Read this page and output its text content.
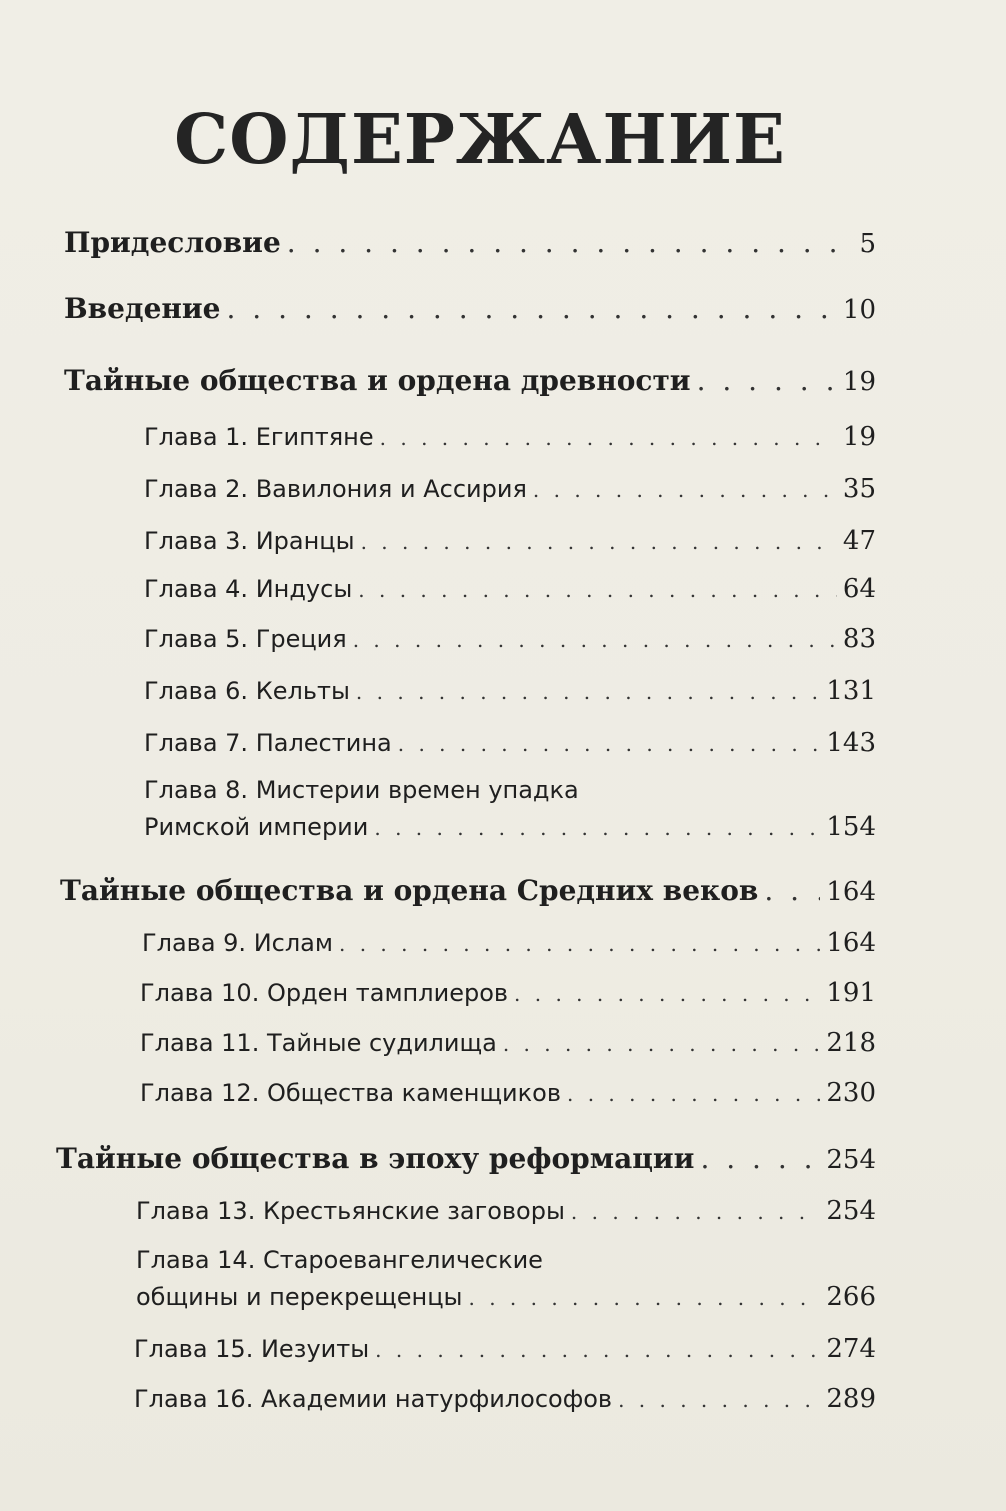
СОДЕРЖАНИЕ
Придесловие . . .	5
Введение . . .	10
Тайные общества и ордена древности . . .	19
Глава 1. Египтяне . . .	19
Глава 2. Вавилония и Ассирия . . .	35
Глава 3. Иранцы . . .	47
Глава 4. Индусы . . .	64
Глава 5. Греция . . .	83
Глава 6. Кельты . . .	131
Глава 7. Палестина . . .	143
Глава 8. Мистерии времен упадка
Римской империи . . .	154
Тайные общества и ордена Средних веков . . .	164
Глава 9. Ислам . . .	164
Глава 10. Орден тамплиеров . . .	191
Глава 11. Тайные судилища . . .	218
Глава 12. Общества каменщиков . . .	230
Тайные общества в эпоху реформации . . .	254
Глава 13. Крестьянские заговоры . . .	254
Глава 14. Староевангелические
общины и перекрещенцы . . .	266
Глава 15. Иезуиты . . .	274
Глава 16. Академии натурфилософов . . .	289
